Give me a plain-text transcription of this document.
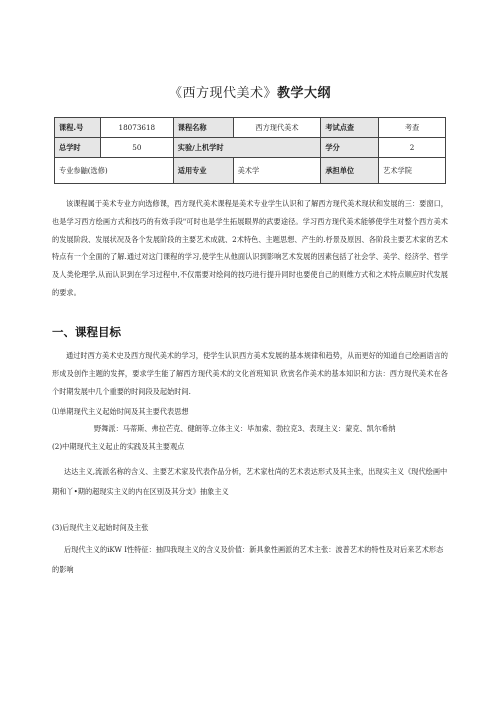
《西方现代美术》教学大纲
课程.号	18073618	课程名称	西方现代美术	考试点查	考查
总学时	50	实验/上机学时		学分	2
专业参鼬(选修)		适用专业	美术学	承担单位	艺术学院
该课程属于美术专业方向选修课，西方现代美术课程是美术专业学生认识和了解西方现代美术现状和发展的三：要窗口，也是学习西方绘画方式和技巧的有效手段"可时也是学生拓展眼界的武要途径。学习西方现代美术能够使学生对整个西方美术的发展阶段、发展状况及各个发展阶段的主要艺术成就、2术特色、主题思想、产生的.杼景及原因、各阶段主要艺术家的艺术特点有一个全面的了解.通过对这门课程的学习,使学生从他面认识到影响艺术发展的因素包括了社会学、美学、经济学、哲学及人类伦理学,从而认识到在学习过程中,不仅需要对绘间的技巧进行提升同时也要使自己的则维方式和之术特点顺应时代发展的要求。
一、课程目标
通过时西方美术史及西方现代美术的学习，使学生认识西方美术发展的基本规律和趋势，从而更好的知道自己绘画语言的形成及创作主题的发挥，要求学生能了解西方现代美术的文化首班知识 欣赏名作美术的基本知识和方法：西方现代美术在各个时期发展中几个重要的时间段及起始时间.
⑴单期现代主义起始时间及其主要代表思想
野舞派：马蒂斯、弗拉芒克、健朗等.立体主义：毕加索、勃拉克3、表现主义：蒙克、凯尔希纳
(2)中期现代主义起止的实践及其主要观点
达达主义,流派名称的含义、主要艺术家及代表作品分析，艺术家杜尚的艺术表达形式及其主张，出现实主义《现代绘画中期和丫•期的超现实主义的内在区别及其分支》抽象主义
(3)后现代主义起始时间及主张
后现代主义的iKW I性特征：抽四我现主义的含义及价值：新具象性画派的艺术主张：波普艺术的特性及对后来艺术形态的影响
